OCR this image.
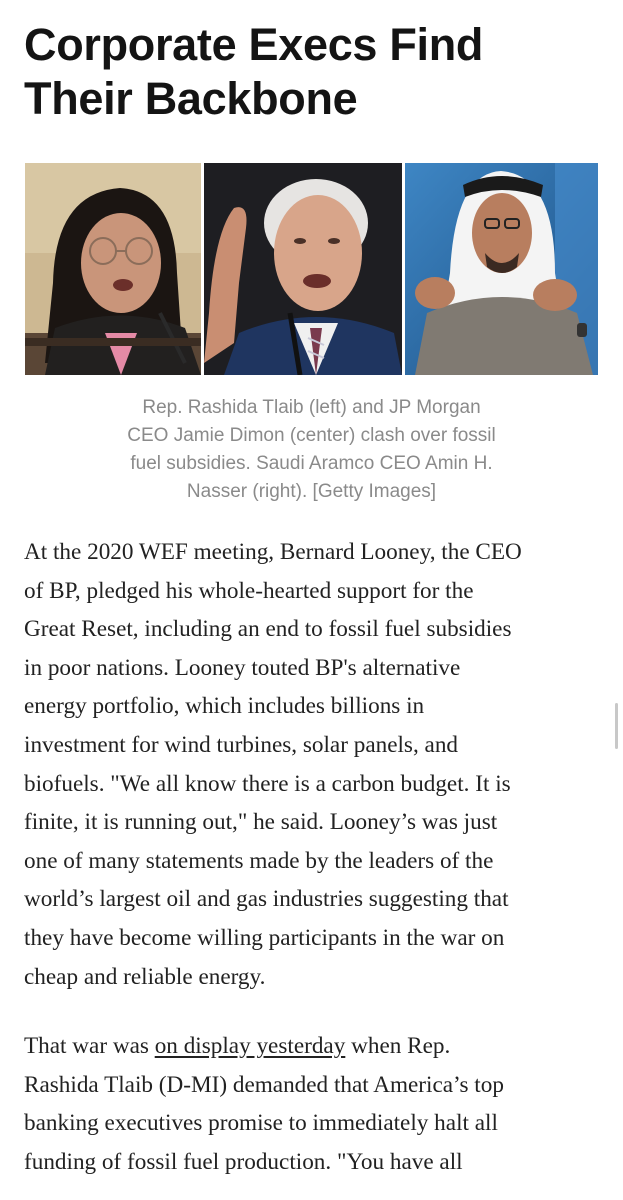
Corporate Execs Find
Their Backbone

Rep. Rashida Tlaib (left) and JP Morgan
CEO Jamie Dimon (center) clash over fossil
fuel subsidies. Saudi Aramco CEO Amin H.
Nasser (right). [Getty Images]

At the 2020 WEF meeting, Bernard Looney, the CEO
of BP, pledged his whole-hearted support for the
Great Reset, including an end to fossil fuel subsidies
in poor nations. Looney touted BP's alternative
energy portfolio, which includes billions in
investment for wind turbines, solar panels, and
biofuels. "We all know there is a carbon budget. It is
finite, it is running out," he said. Looney’s was just
one of many statements made by the leaders of the
world’s largest oil and gas industries suggesting that
they have become willing participants in the war on
cheap and reliable energy.

That war was on display yesterday when Rep.
Rashida Tlaib (D-MI) demanded that America’s top
banking executives promise to immediately halt all
funding of fossil fuel production. "You have all
